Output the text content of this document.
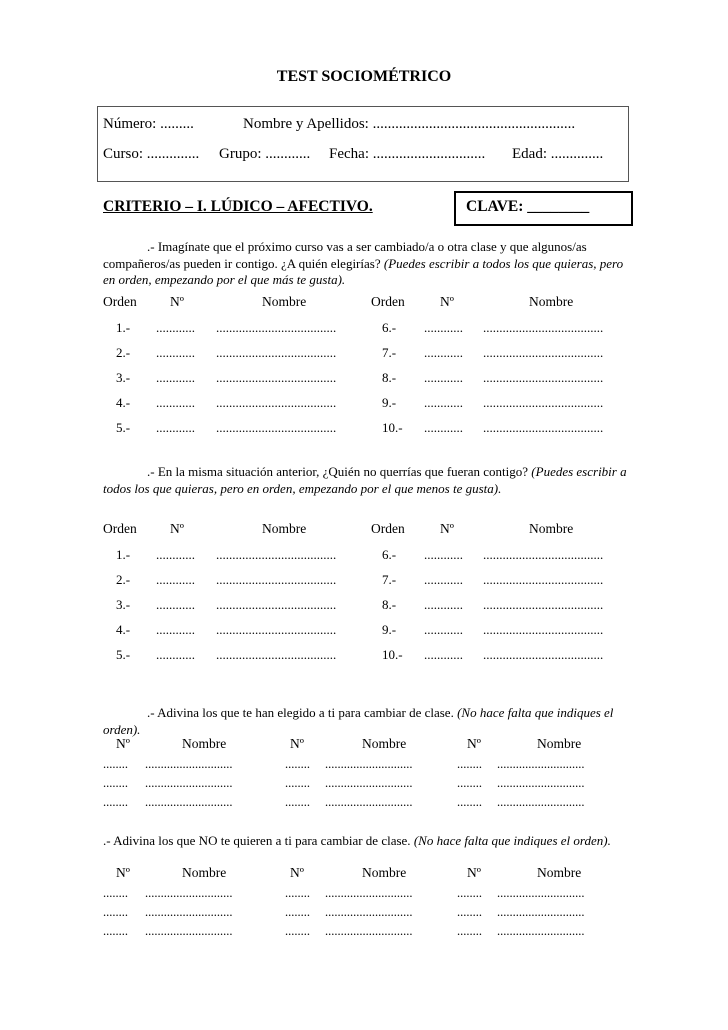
TEST SOCIOMÉTRICO
Número: .........	Nombre y Apellidos: ......................................................
Curso: .............. Grupo: ............ Fecha: .............................. Edad: ..............
CRITERIO – I. LÚDICO – AFECTIVO.	CLAVE: ________
.- Imagínate que el próximo curso vas a ser cambiado/a o otra clase y que algunos/as compañeros/as pueden ir contigo. ¿A quién elegirías? (Puedes escribir a todos los que quieras, pero en orden, empezando por el que más te gusta).
Orden Nº	Nombre	Orden	Nº	Nombre
1.- ............ .....................................	6.- ............ .....................................
2.- ............ .....................................	7.- ............ .....................................
3.- ............ .....................................	8.- ............ .....................................
4.- ............ .....................................	9.- ............ .....................................
5.- ............ .....................................	10.- ............ .....................................
.- En la misma situación anterior, ¿Quién no querrías que fueran contigo? (Puedes escribir a todos los que quieras, pero en orden, empezando por el que menos te gusta).
Orden Nº	Nombre	Orden	Nº	Nombre
1.- ............ .....................................	6.- ............ .....................................
2.- ............ .....................................	7.- ............ .....................................
3.- ............ .....................................	8.- ............ .....................................
4.- ............ .....................................	9.- ............ .....................................
5.- ............ .....................................	10.- ............ .....................................
.- Adivina los que te han elegido a ti para cambiar de clase. (No hace falta que indiques el orden).
Nº	Nombre	Nº	Nombre	Nº	Nombre
........ ............................	........ ............................	........ ............................
........ ............................	........ ............................	........ ............................
........ ............................	........ ............................	........ ............................
.- Adivina los que NO te quieren a ti para cambiar de clase. (No hace falta que indiques el orden).
Nº	Nombre	Nº	Nombre	Nº	Nombre
........ ............................	........ ............................	........ ............................
........ ............................	........ ............................	........ ............................
........ ............................	........ ............................	........ ............................
